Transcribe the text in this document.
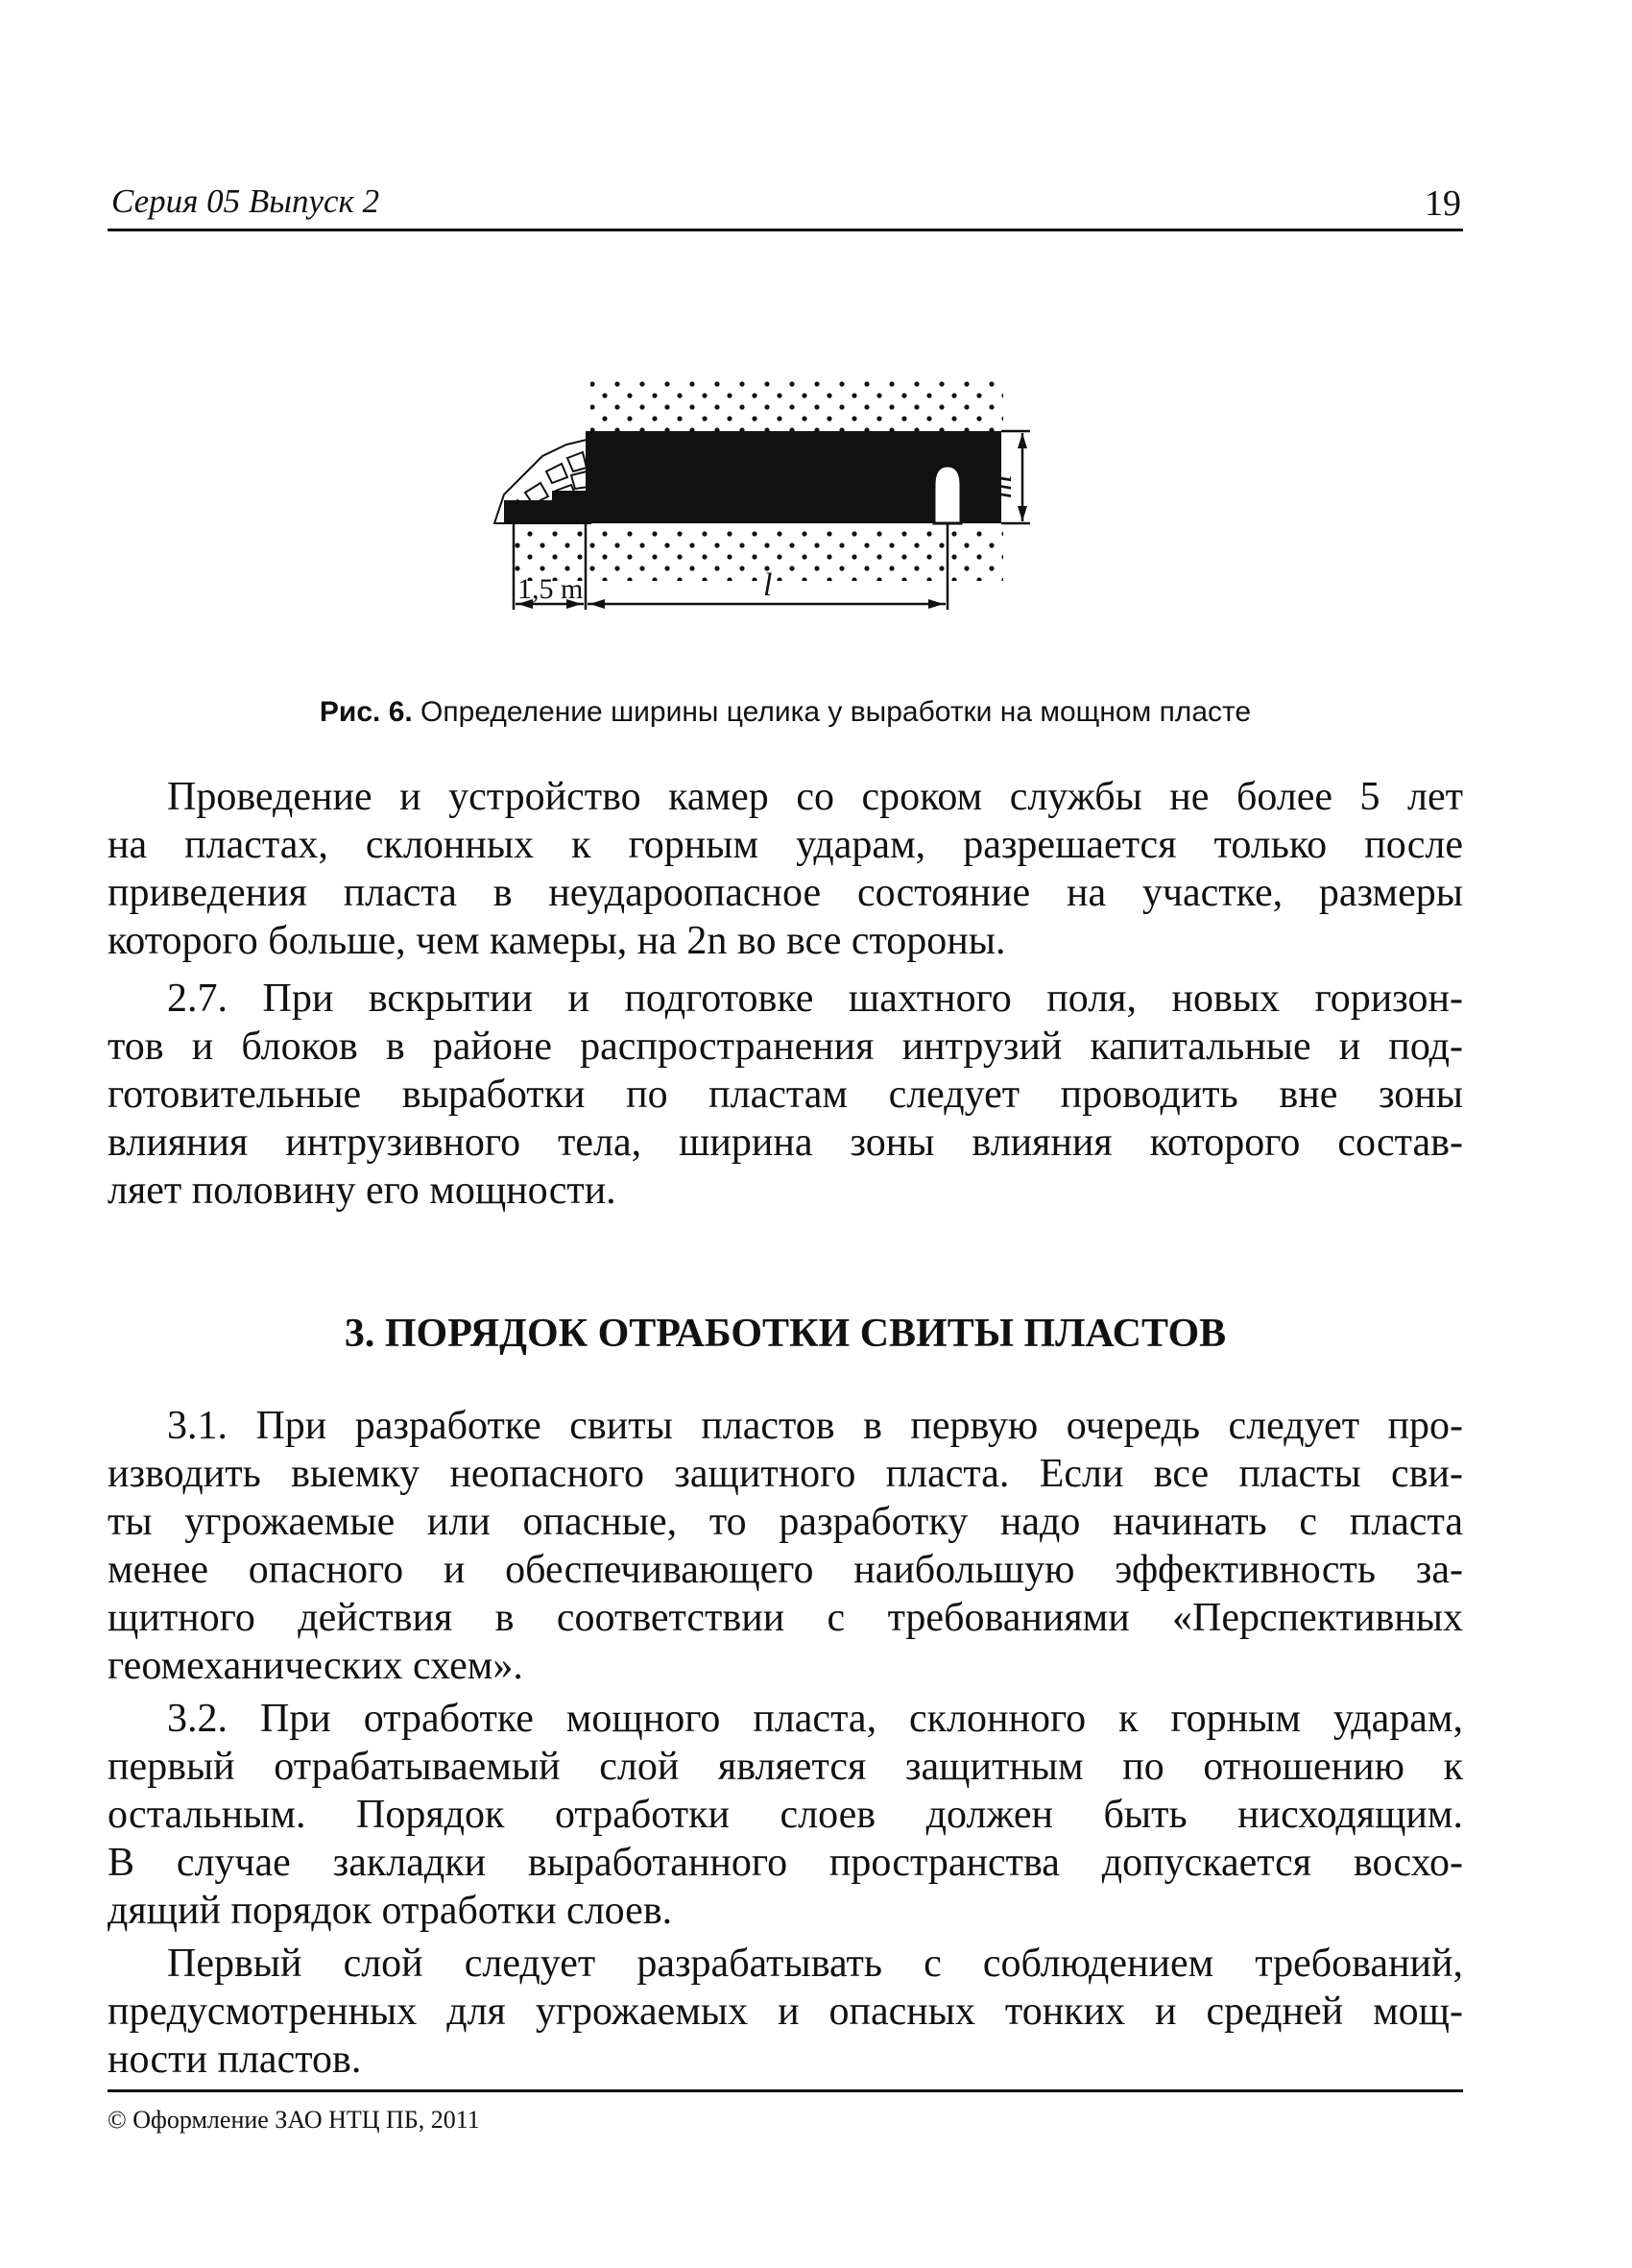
Серия 05 Выпуск 2	19
1,5 m	l
m
Рис. 6. Определение ширины целика у выработки на мощном пласте
Проведение и устройство камер со сроком службы не более 5 лет
на пластах, склонных к горным ударам, разрешается только после
приведения пласта в неудароопасное состояние на участке, размеры
которого больше, чем камеры, на 2n во все стороны.
2.7. При вскрытии и подготовке шахтного поля, новых горизон-
тов и блоков в районе распространения интрузий капитальные и под-
готовительные выработки по пластам следует проводить вне зоны
влияния интрузивного тела, ширина зоны влияния которого состав-
ляет половину его мощности.
3. ПОРЯДОК ОТРАБОТКИ СВИТЫ ПЛАСТОВ
3.1. При разработке свиты пластов в первую очередь следует про-
изводить выемку неопасного защитного пласта. Если все пласты сви-
ты угрожаемые или опасные, то разработку надо начинать с пласта
менее опасного и обеспечивающего наибольшую эффективность за-
щитного действия в соответствии с требованиями «Перспективных
геомеханических схем».
3.2. При отработке мощного пласта, склонного к горным ударам,
первый отрабатываемый слой является защитным по отношению к
остальным. Порядок отработки слоев должен быть нисходящим.
В случае закладки выработанного пространства допускается восхо-
дящий порядок отработки слоев.
Первый слой следует разрабатывать с соблюдением требований,
предусмотренных для угрожаемых и опасных тонких и средней мощ-
ности пластов.
© Оформление ЗАО НТЦ ПБ, 2011
